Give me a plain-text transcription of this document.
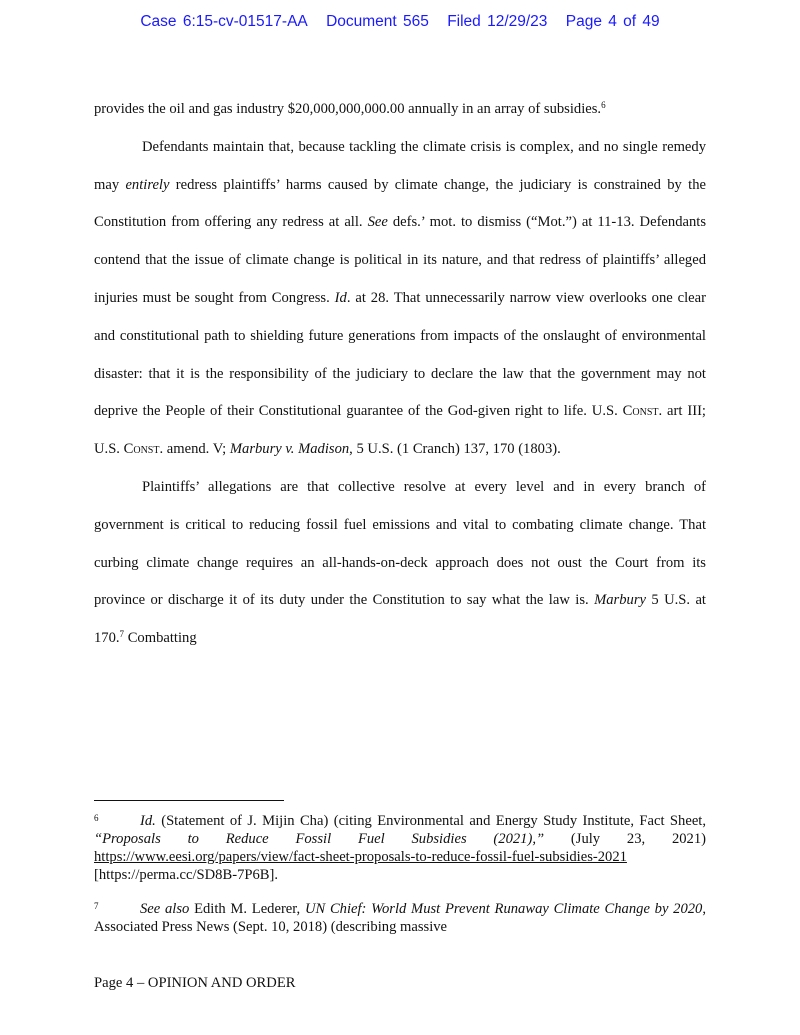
Case 6:15-cv-01517-AA Document 565 Filed 12/29/23 Page 4 of 49

provides the oil and gas industry $20,000,000,000.00 annually in an array of subsidies.$^6$

Defendants maintain that, because tackling the climate crisis is complex, and no single remedy may entirely redress plaintiffs’ harms caused by climate change, the judiciary is constrained by the Constitution from offering any redress at all. See defs.’ mot. to dismiss (“Mot.”) at 11-13. Defendants contend that the issue of climate change is political in its nature, and that redress of plaintiffs’ alleged injuries must be sought from Congress. Id. at 28. That unnecessarily narrow view overlooks one clear and constitutional path to shielding future generations from impacts of the onslaught of environmental disaster: that it is the responsibility of the judiciary to declare the law that the government may not deprive the People of their Constitutional guarantee of the God-given right to life. U.S. Const. art III; U.S. Const. amend. V; Marbury v. Madison, 5 U.S. (1 Cranch) 137, 170 (1803).

Plaintiffs’ allegations are that collective resolve at every level and in every branch of government is critical to reducing fossil fuel emissions and vital to combating climate change. That curbing climate change requires an all-hands-on-deck approach does not oust the Court from its province or discharge it of its duty under the Constitution to say what the law is. Marbury 5 U.S. at 170.$^7$ Combatting

6	Id. (Statement of J. Mijin Cha) (citing Environmental and Energy Study Institute, Fact Sheet, “Proposals to Reduce Fossil Fuel Subsidies (2021),” (July 23, 2021) https://www.eesi.org/papers/view/fact-sheet-proposals-to-reduce-fossil-fuel-subsidies-2021 [https://perma.cc/SD8B-7P6B].

7	See also Edith M. Lederer, UN Chief: World Must Prevent Runaway Climate Change by 2020, Associated Press News (Sept. 10, 2018) (describing massive

Page 4 – OPINION AND ORDER
